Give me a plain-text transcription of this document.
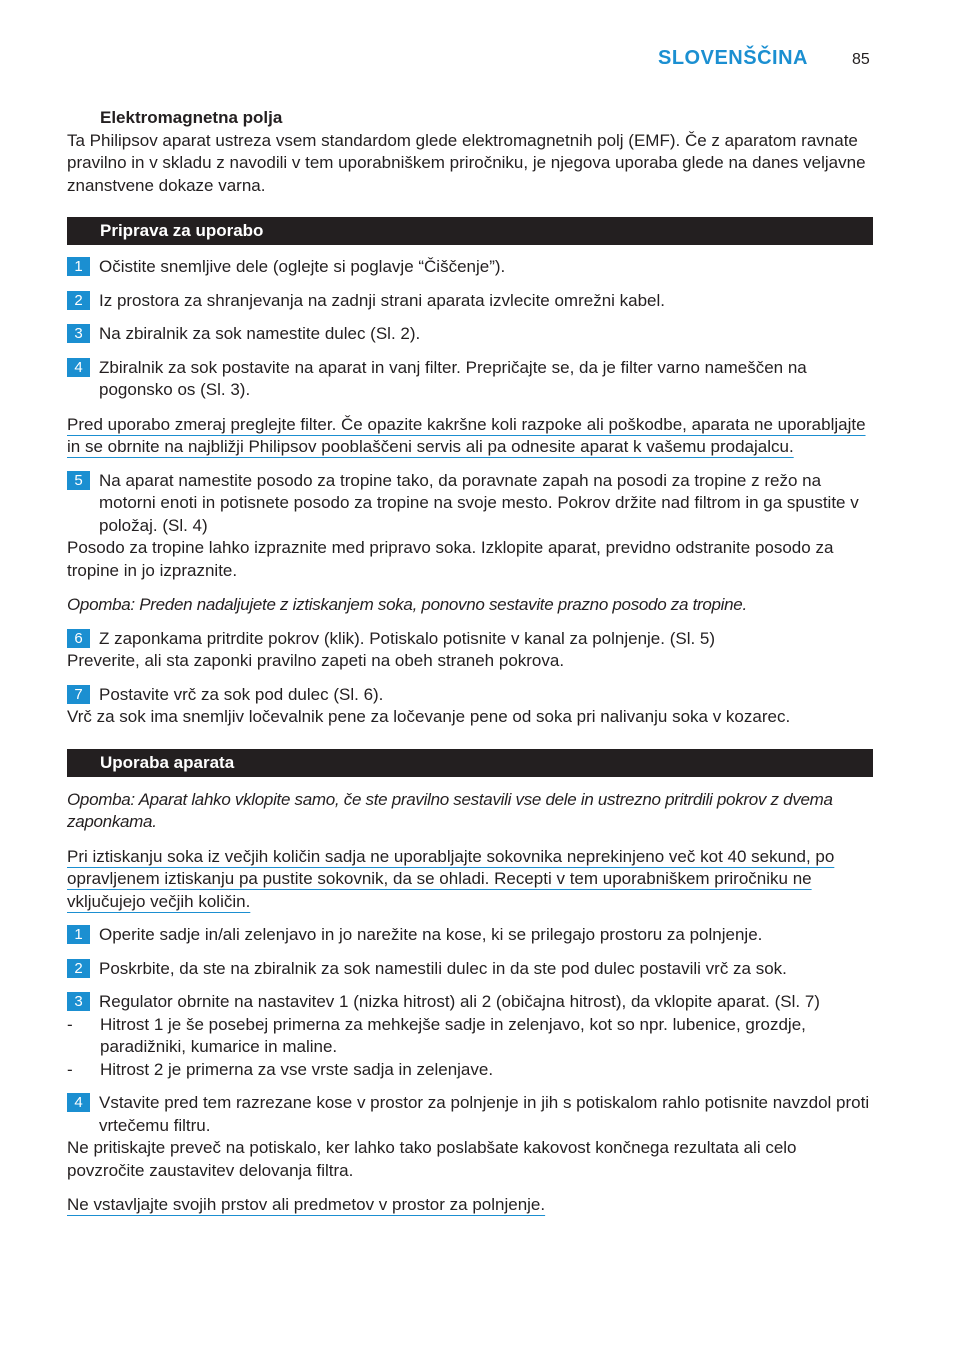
SLOVENŠČINA	85

Elektromagnetna polja

Ta Philipsov aparat ustreza vsem standardom glede elektromagnetnih polj (EMF). Če z aparatom ravnate pravilno in v skladu z navodili v tem uporabniškem priročniku, je njegova uporaba glede na danes veljavne znanstvene dokaze varna.

Priprava za uporabo
1 Očistite snemljive dele (oglejte si poglavje “Čiščenje”).
2 Iz prostora za shranjevanja na zadnji strani aparata izvlecite omrežni kabel.
3 Na zbiralnik za sok namestite dulec (Sl. 2).
4 Zbiralnik za sok postavite na aparat in vanj filter. Prepričajte se, da je filter varno nameščen na pogonsko os (Sl. 3).

Pred uporabo zmeraj preglejte filter. Če opazite kakršne koli razpoke ali poškodbe, aparata ne uporabljajte in se obrnite na najbližji Philipsov pooblaščeni servis ali pa odnesite aparat k vašemu prodajalcu.

5 Na aparat namestite posodo za tropine tako, da poravnate zapah na posodi za tropine z režo na motorni enoti in potisnete posodo za tropine na svoje mesto. Pokrov držite nad filtrom in ga spustite v položaj. (Sl. 4)

Posodo za tropine lahko izpraznite med pripravo soka. Izklopite aparat, previdno odstranite posodo za tropine in jo izpraznite.

Opomba: Preden nadaljujete z iztiskanjem soka, ponovno sestavite prazno posodo za tropine.

6 Z zaponkama pritrdite pokrov (klik). Potiskalo potisnite v kanal za polnjenje. (Sl. 5)

Preverite, ali sta zaponki pravilno zapeti na obeh straneh pokrova.

7 Postavite vrč za sok pod dulec (Sl. 6).

Vrč za sok ima snemljiv ločevalnik pene za ločevanje pene od soka pri nalivanju soka v kozarec.

Uporaba aparata

Opomba: Aparat lahko vklopite samo, če ste pravilno sestavili vse dele in ustrezno pritrdili pokrov z dvema zaponkama.

Pri iztiskanju soka iz večjih količin sadja ne uporabljajte sokovnika neprekinjeno več kot 40 sekund, po opravljenem iztiskanju pa pustite sokovnik, da se ohladi. Recepti v tem uporabniškem priročniku ne vključujejo večjih količin.

1 Operite sadje in/ali zelenjavo in jo narežite na kose, ki se prilegajo prostoru za polnjenje.
2 Poskrbite, da ste na zbiralnik za sok namestili dulec in da ste pod dulec postavili vrč za sok.
3 Regulator obrnite na nastavitev 1 (nizka hitrost) ali 2 (običajna hitrost), da vklopite aparat. (Sl. 7)
-	Hitrost 1 je še posebej primerna za mehkejše sadje in zelenjavo, kot so npr. lubenice, grozdje, paradižniki, kumarice in maline.
-	Hitrost 2 je primerna za vse vrste sadja in zelenjave.
4 Vstavite pred tem razrezane kose v prostor za polnjenje in jih s potiskalom rahlo potisnite navzdol proti vrtečemu filtru.

Ne pritiskajte preveč na potiskalo, ker lahko tako poslabšate kakovost končnega rezultata ali celo povzročite zaustavitev delovanja filtra.

Ne vstavljajte svojih prstov ali predmetov v prostor za polnjenje.
